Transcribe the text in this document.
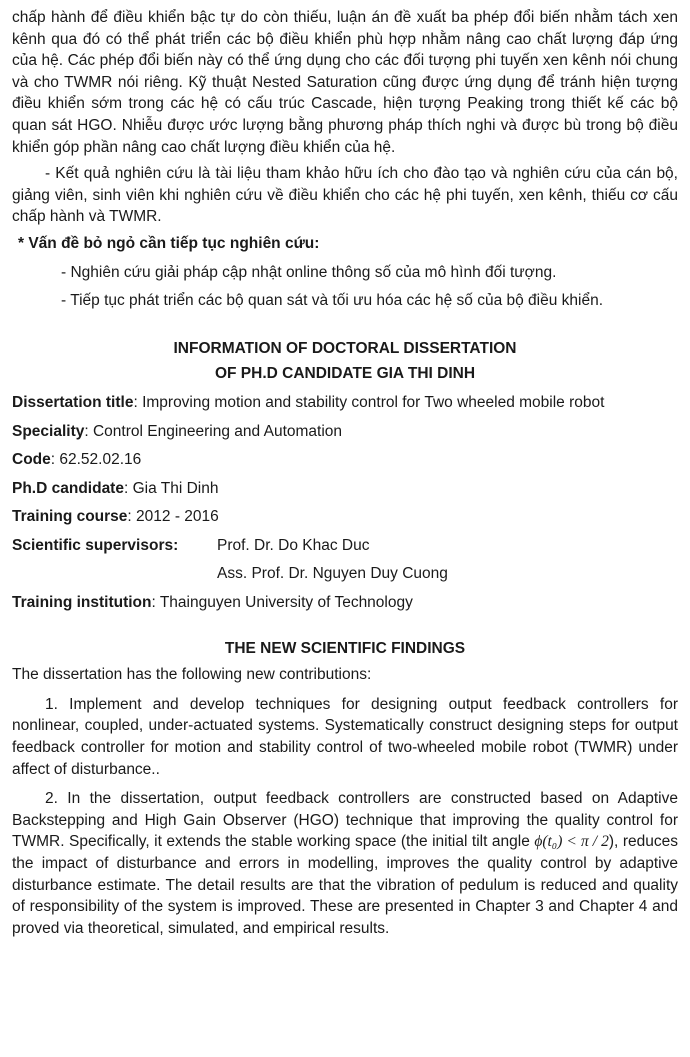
chấp hành để điều khiển bậc tự do còn thiếu, luận án đề xuất ba phép đổi biến nhằm tách xen kênh qua đó có thể phát triển các bộ điều khiển phù hợp nhằm nâng cao chất lượng đáp ứng của hệ. Các phép đổi biến này có thể ứng dụng cho các đối tượng phi tuyến xen kênh nói chung và cho TWMR nói riêng. Kỹ thuật Nested Saturation cũng được ứng dụng để tránh hiện tượng điều khiển sớm trong các hệ có cấu trúc Cascade, hiện tượng Peaking trong thiết kế các bộ quan sát HGO. Nhiễu được ước lượng bằng phương pháp thích nghi và được bù trong bộ điều khiển góp phần nâng cao chất lượng điều khiển của hệ.

- Kết quả nghiên cứu là tài liệu tham khảo hữu ích cho đào tạo và nghiên cứu của cán bộ, giảng viên, sinh viên khi nghiên cứu về điều khiển cho các hệ phi tuyến, xen kênh, thiếu cơ cấu chấp hành và TWMR.

* Vấn đề bỏ ngỏ cần tiếp tục nghiên cứu:

- Nghiên cứu giải pháp cập nhật online thông số của mô hình đối tượng.

- Tiếp tục phát triển các bộ quan sát và tối ưu hóa các hệ số của bộ điều khiển.

INFORMATION OF DOCTORAL DISSERTATION

OF PH.D CANDIDATE GIA THI DINH

Dissertation title: Improving motion and stability control for Two wheeled mobile robot

Speciality: Control Engineering and Automation

Code: 62.52.02.16

Ph.D candidate: Gia Thi Dinh

Training course: 2012 - 2016

Scientific supervisors:	Prof. Dr. Do Khac Duc

Ass. Prof. Dr. Nguyen Duy Cuong

Training institution: Thainguyen University of Technology

THE NEW SCIENTIFIC FINDINGS

The dissertation has the following new contributions:

1. Implement and develop techniques for designing output feedback controllers for nonlinear, coupled, under-actuated systems. Systematically construct designing steps for output feedback controller for motion and stability control of two-wheeled mobile robot (TWMR) under affect of disturbance..

2. In the dissertation, output feedback controllers are constructed based on Adaptive Backstepping and High Gain Observer (HGO) technique that improving the quality control for TWMR. Specifically, it extends the stable working space (the initial tilt angle ϕ(t₀) < π / 2), reduces the impact of disturbance and errors in modelling, improves the quality control by adaptive disturbance estimate. The detail results are that the vibration of pedulum is reduced and quality of responsibility of the system is improved. These are presented in Chapter 3 and Chapter 4 and proved via theoretical, simulated, and empirical results.
